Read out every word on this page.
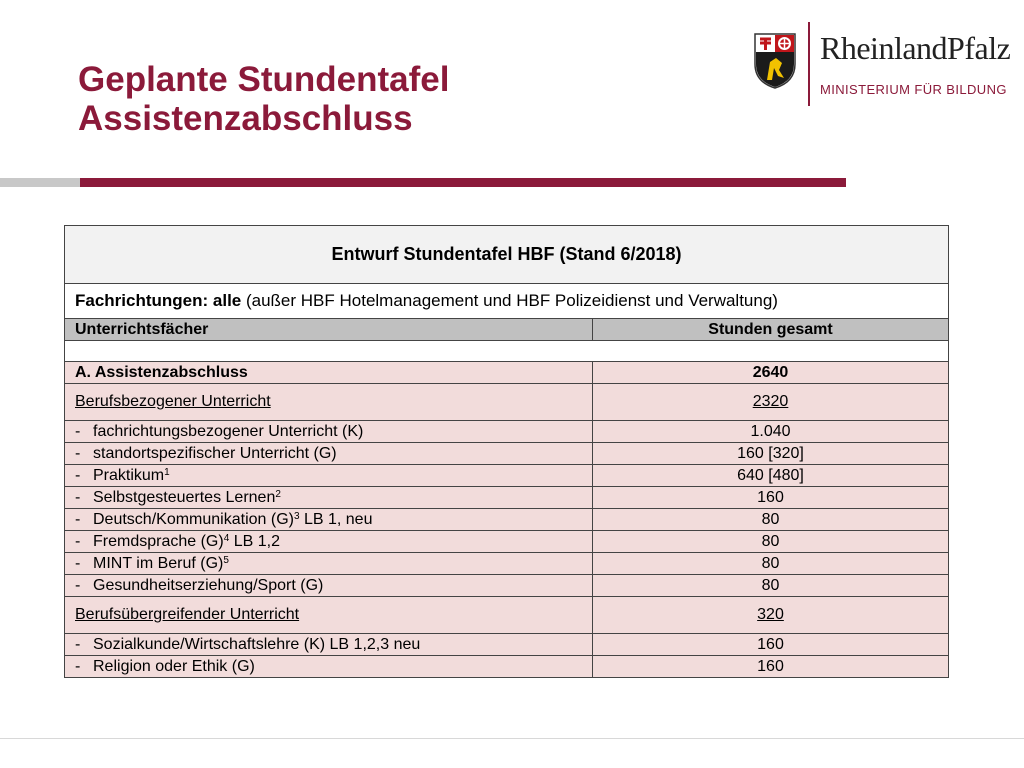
Geplante Stundentafel
Assistenzabschluss
RheinlandPfalz
MINISTERIUM FÜR BILDUNG
Entwurf Stundentafel HBF (Stand 6/2018)	
Fachrichtungen: alle (außer HBF Hotelmanagement und HBF Polizeidienst und Verwaltung)	
Unterrichtsfächer	Stunden gesamt

A. Assistenzabschluss	2640
Berufsbezogener Unterricht	2320
- fachrichtungsbezogener Unterricht (K)	1.040
- standortspezifischer Unterricht (G)	160 [320]
- Praktikum$^1$	640 [480]
- Selbstgesteuertes Lernen$^2$	160
- Deutsch/Kommunikation $(G)^3$ LB 1, neu	80
- Fremdsprache $(G)^4$ LB 1,2	80
- MINT im Beruf $(G)^5$	80
- Gesundheitserziehung/Sport (G)	80
Berufsübergreifender Unterricht	320
- Sozialkunde/Wirtschaftslehre (K) LB 1,2,3 neu	160
- Religion oder Ethik (G)	160
